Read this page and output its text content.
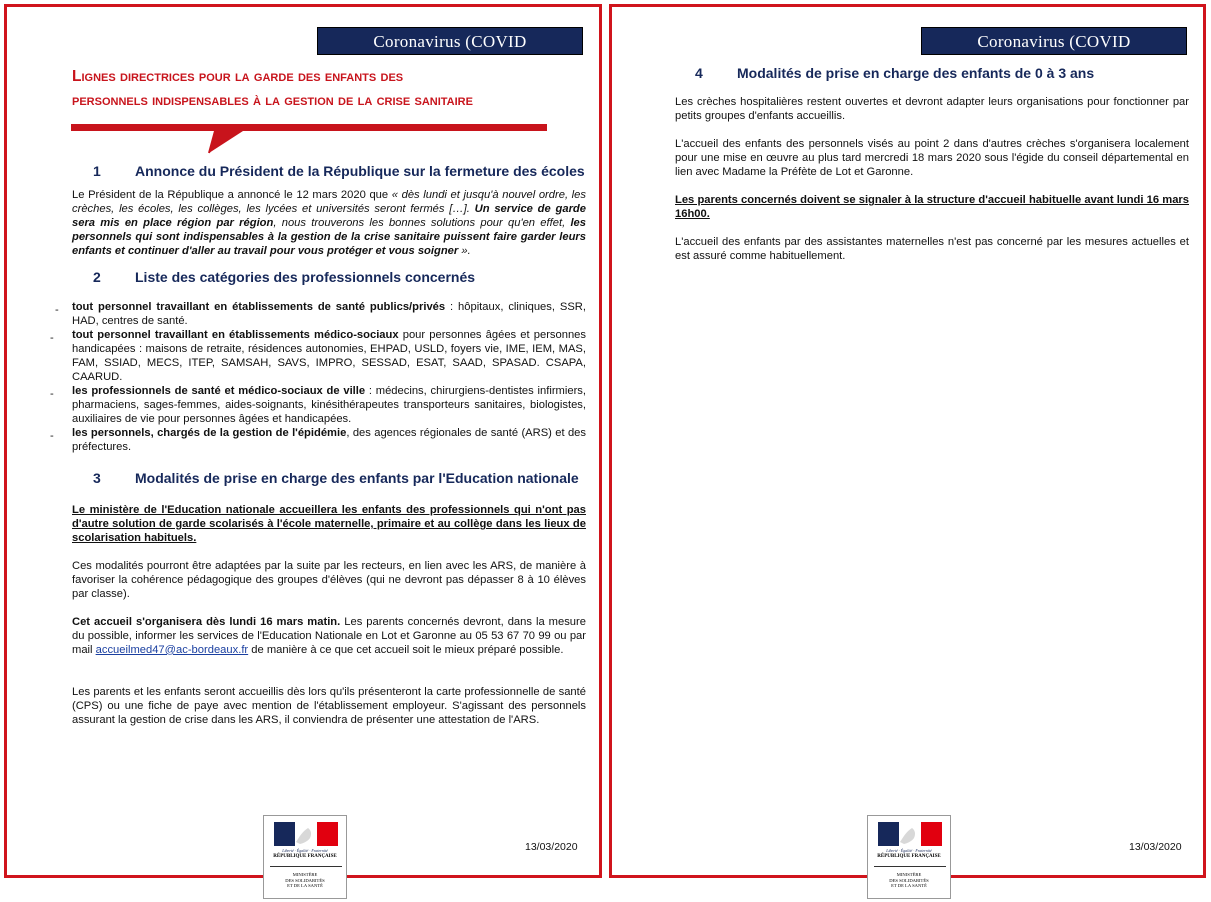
Coronavirus (COVID
Lignes directrices pour la garde des enfants des
personnels indispensables à la gestion de la crise sanitaire
1 Annonce du Président de la République sur la fermeture des écoles
Le Président de la République a annoncé le 12 mars 2020 que « dès lundi et jusqu'à nouvel ordre, les crèches, les écoles, les collèges, les lycées et universités seront fermés […]. Un service de garde sera mis en place région par région, nous trouverons les bonnes solutions pour qu'en effet, les personnels qui sont indispensables à la gestion de la crise sanitaire puissent faire garder leurs enfants et continuer d'aller au travail pour vous protéger et vous soigner ».
2 Liste des catégories des professionnels concernés
- tout personnel travaillant en établissements de santé publics/privés : hôpitaux, cliniques, SSR, HAD, centres de santé.
- tout personnel travaillant en établissements médico-sociaux pour personnes âgées et personnes handicapées : maisons de retraite, résidences autonomies, EHPAD, USLD, foyers vie, IME, IEM, MAS, FAM, SSIAD, MECS, ITEP, SAMSAH, SAVS, IMPRO, SESSAD, ESAT, SAAD, SPASAD. CSAPA, CAARUD.
- les professionnels de santé et médico-sociaux de ville : médecins, chirurgiens-dentistes infirmiers, pharmaciens, sages-femmes, aides-soignants, kinésithérapeutes transporteurs sanitaires, biologistes, auxiliaires de vie pour personnes âgées et handicapées.
- les personnels, chargés de la gestion de l'épidémie, des agences régionales de santé (ARS) et des préfectures.
3 Modalités de prise en charge des enfants par l'Education nationale
Le ministère de l'Education nationale accueillera les enfants des professionnels qui n'ont pas d'autre solution de garde scolarisés à l'école maternelle, primaire et au collège dans les lieux de scolarisation habituels.
Ces modalités pourront être adaptées par la suite par les recteurs, en lien avec les ARS, de manière à favoriser la cohérence pédagogique des groupes d'élèves (qui ne devront pas dépasser 8 à 10 élèves par classe).
Cet accueil s'organisera dès lundi 16 mars matin. Les parents concernés devront, dans la mesure du possible, informer les services de l'Education Nationale en Lot et Garonne au 05 53 67 70 99 ou par mail accueilmed47@ac-bordeaux.fr de manière à ce que cet accueil soit le mieux préparé possible.
Les parents et les enfants seront accueillis dès lors qu'ils présenteront la carte professionnelle de santé (CPS) ou une fiche de paye avec mention de l'établissement employeur. S'agissant des personnels assurant la gestion de crise dans les ARS, il conviendra de présenter une attestation de l'ARS.
Liberté · Égalité · Fraternité
RÉPUBLIQUE FRANÇAISE
MINISTÈRE
DES SOLIDARITÉS
ET DE LA SANTÉ
13/03/2020
Coronavirus (COVID
4 Modalités de prise en charge des enfants de 0 à 3 ans
Les crèches hospitalières restent ouvertes et devront adapter leurs organisations pour fonctionner par petits groupes d'enfants accueillis.
L'accueil des enfants des personnels visés au point 2 dans d'autres crèches s'organisera localement pour une mise en œuvre au plus tard mercredi 18 mars 2020 sous l'égide du conseil départemental en lien avec Madame la Préfète de Lot et Garonne.
Les parents concernés doivent se signaler à la structure d'accueil habituelle avant lundi 16 mars 16h00.
L'accueil des enfants par des assistantes maternelles n'est pas concerné par les mesures actuelles et est assuré comme habituellement.
Liberté · Égalité · Fraternité
RÉPUBLIQUE FRANÇAISE
MINISTÈRE
DES SOLIDARITÉS
ET DE LA SANTÉ
13/03/2020
